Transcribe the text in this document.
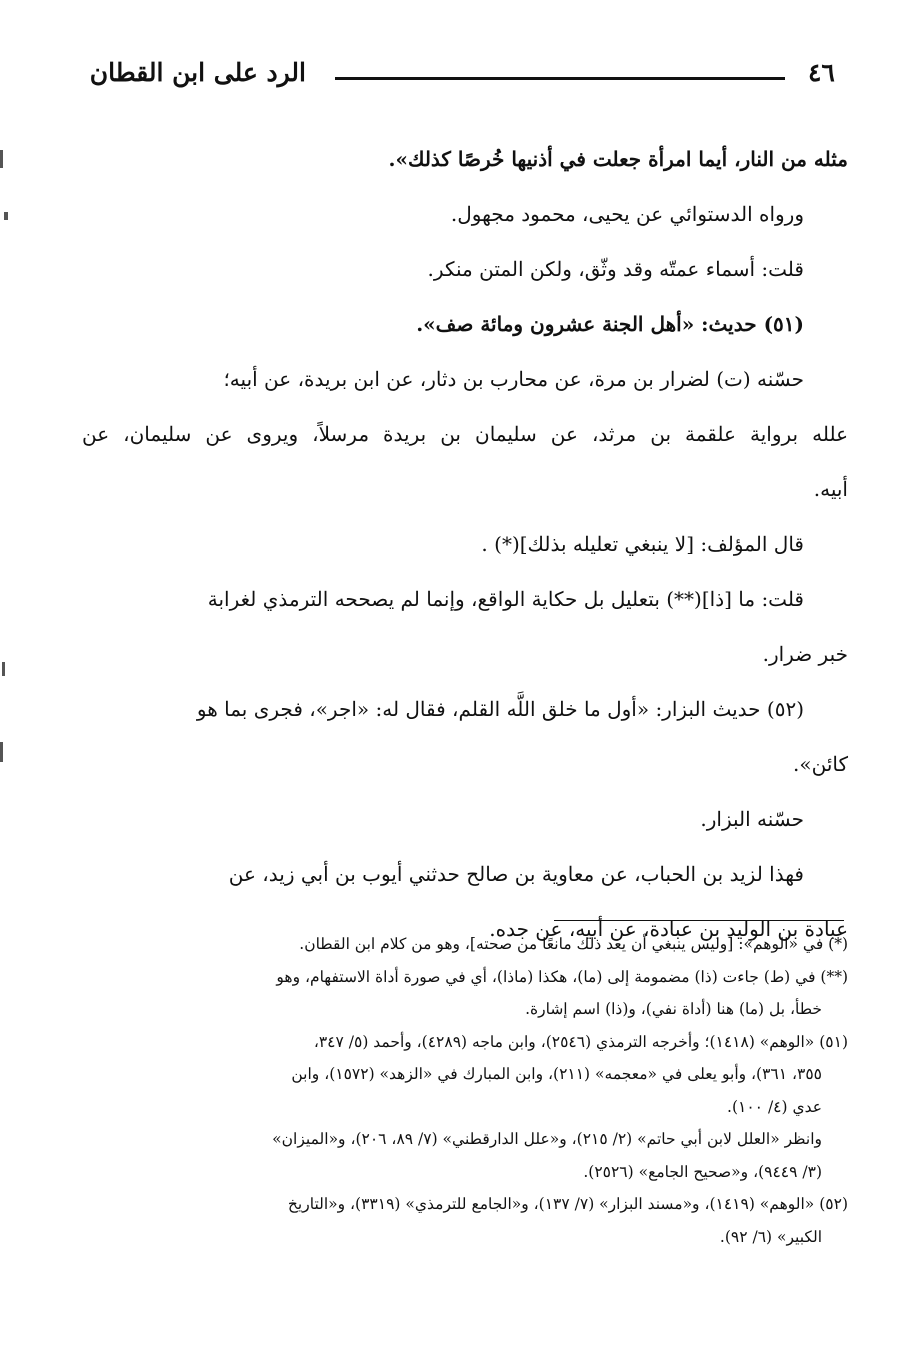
الرد على ابن القطان	٤٦
مثله من النار، أيما امرأة جعلت في أذنيها خُرصًا كذلك».
ورواه الدستوائي عن يحيى، محمود مجهول.
قلت: أسماء عمتّه وقد وثّق، ولكن المتن منكر.
(٥١) حديث: «أهل الجنة عشرون ومائة صف».
حسّنه (ت) لضرار بن مرة، عن محارب بن دثار، عن ابن بريدة، عن أبيه؛
علله برواية علقمة بن مرثد، عن سليمان بن بريدة مرسلاً، ويروى عن سليمان، عن
أبيه.
قال المؤلف: [لا ينبغي تعليله بذلك](*) .
قلت: ما [ذا](**) بتعليل بل حكاية الواقع، وإنما لم يصححه الترمذي لغرابة
خبر ضرار.
(٥٢) حديث البزار: «أول ما خلق اللَّه القلم، فقال له: «اجر»، فجرى بما هو
كائن».
حسّنه البزار.
فهذا لزيد بن الحباب، عن معاوية بن صالح حدثني أيوب بن أبي زيد، عن
عبادة بن الوليد بن عبادة، عن أبيه، عن جده.
(*) في «الوهم»: [وليس ينبغي أن يعد ذلك مانعًا من صحته]، وهو من كلام ابن القطان.
(**) في (ط) جاءت (ذا) مضمومة إلى (ما)، هكذا (ماذا)، أي في صورة أداة الاستفهام، وهو
خطأ، بل (ما) هنا (أداة نفي)، و(ذا) اسم إشارة.
(٥١) «الوهم» (١٤١٨)؛ وأخرجه الترمذي (٢٥٤٦)، وابن ماجه (٤٢٨٩)، وأحمد (٥/ ٣٤٧،
٣٥٥، ٣٦١)، وأبو يعلى في «معجمه» (٢١١)، وابن المبارك في «الزهد» (١٥٧٢)، وابن
عدي (٤/ ١٠٠).
وانظر «العلل لابن أبي حاتم» (٢/ ٢١٥)، و«علل الدارقطني» (٧/ ٨٩، ٢٠٦)، و«الميزان»
(٣/ ٩٤٤٩)، و«صحيح الجامع» (٢٥٢٦).
(٥٢) «الوهم» (١٤١٩)، و«مسند البزار» (٧/ ١٣٧)، و«الجامع للترمذي» (٣٣١٩)، و«التاريخ
الكبير» (٦/ ٩٢).
